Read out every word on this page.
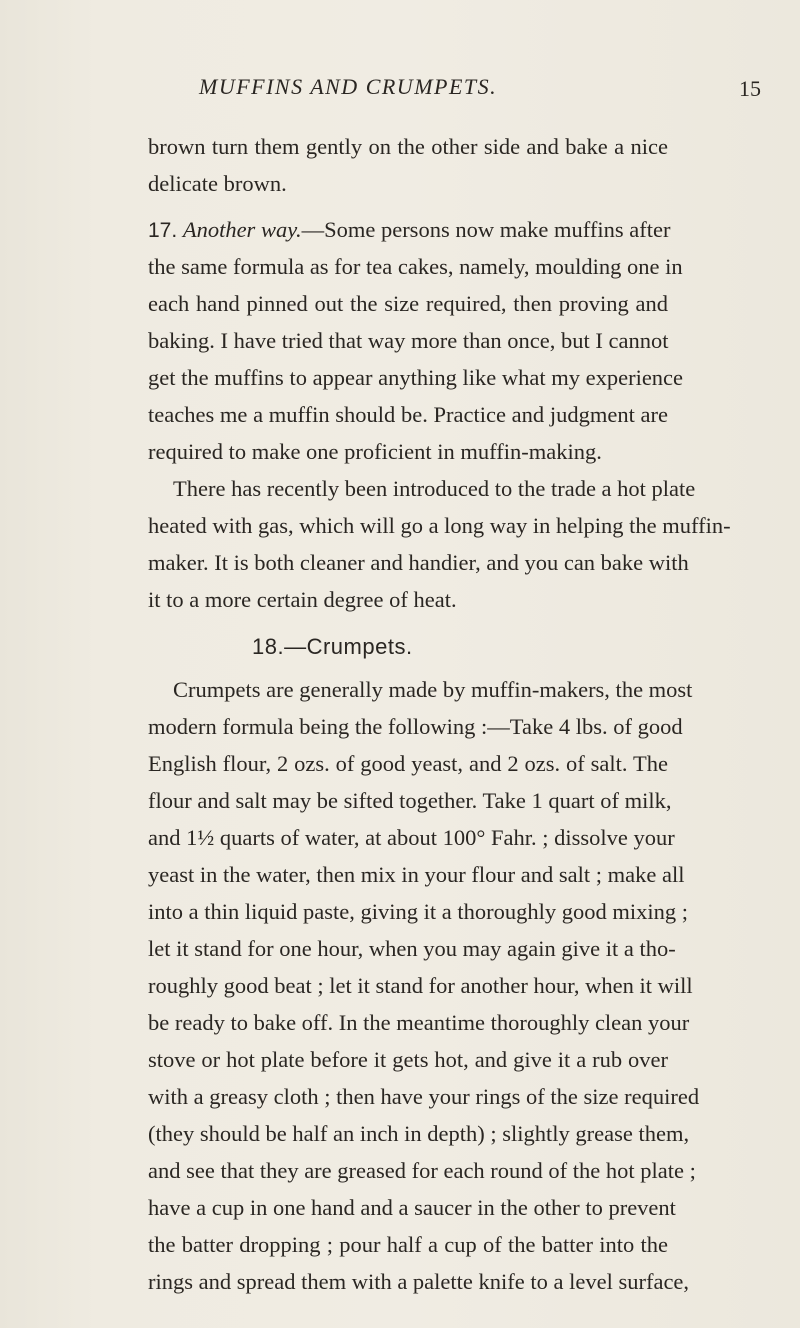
MUFFINS AND CRUMPETS.	15
brown turn them gently on the other side and bake a nice
delicate brown.
17. Another way.—Some persons now make muffins after
the same formula as for tea cakes, namely, moulding one in
each hand pinned out the size required, then proving and
baking. I have tried that way more than once, but I cannot
get the muffins to appear anything like what my experience
teaches me a muffin should be. Practice and judgment are
required to make one proficient in muffin-making.
There has recently been introduced to the trade a hot plate
heated with gas, which will go a long way in helping the muffin-
maker. It is both cleaner and handier, and you can bake with
it to a more certain degree of heat.
18.—Crumpets.
Crumpets are generally made by muffin-makers, the most
modern formula being the following :—Take 4 lbs. of good
English flour, 2 ozs. of good yeast, and 2 ozs. of salt. The
flour and salt may be sifted together. Take 1 quart of milk,
and 1½ quarts of water, at about 100° Fahr. ; dissolve your
yeast in the water, then mix in your flour and salt ; make all
into a thin liquid paste, giving it a thoroughly good mixing ;
let it stand for one hour, when you may again give it a tho-
roughly good beat ; let it stand for another hour, when it will
be ready to bake off. In the meantime thoroughly clean your
stove or hot plate before it gets hot, and give it a rub over
with a greasy cloth ; then have your rings of the size required
(they should be half an inch in depth) ; slightly grease them,
and see that they are greased for each round of the hot plate ;
have a cup in one hand and a saucer in the other to prevent
the batter dropping ; pour half a cup of the batter into the
rings and spread them with a palette knife to a level surface,
